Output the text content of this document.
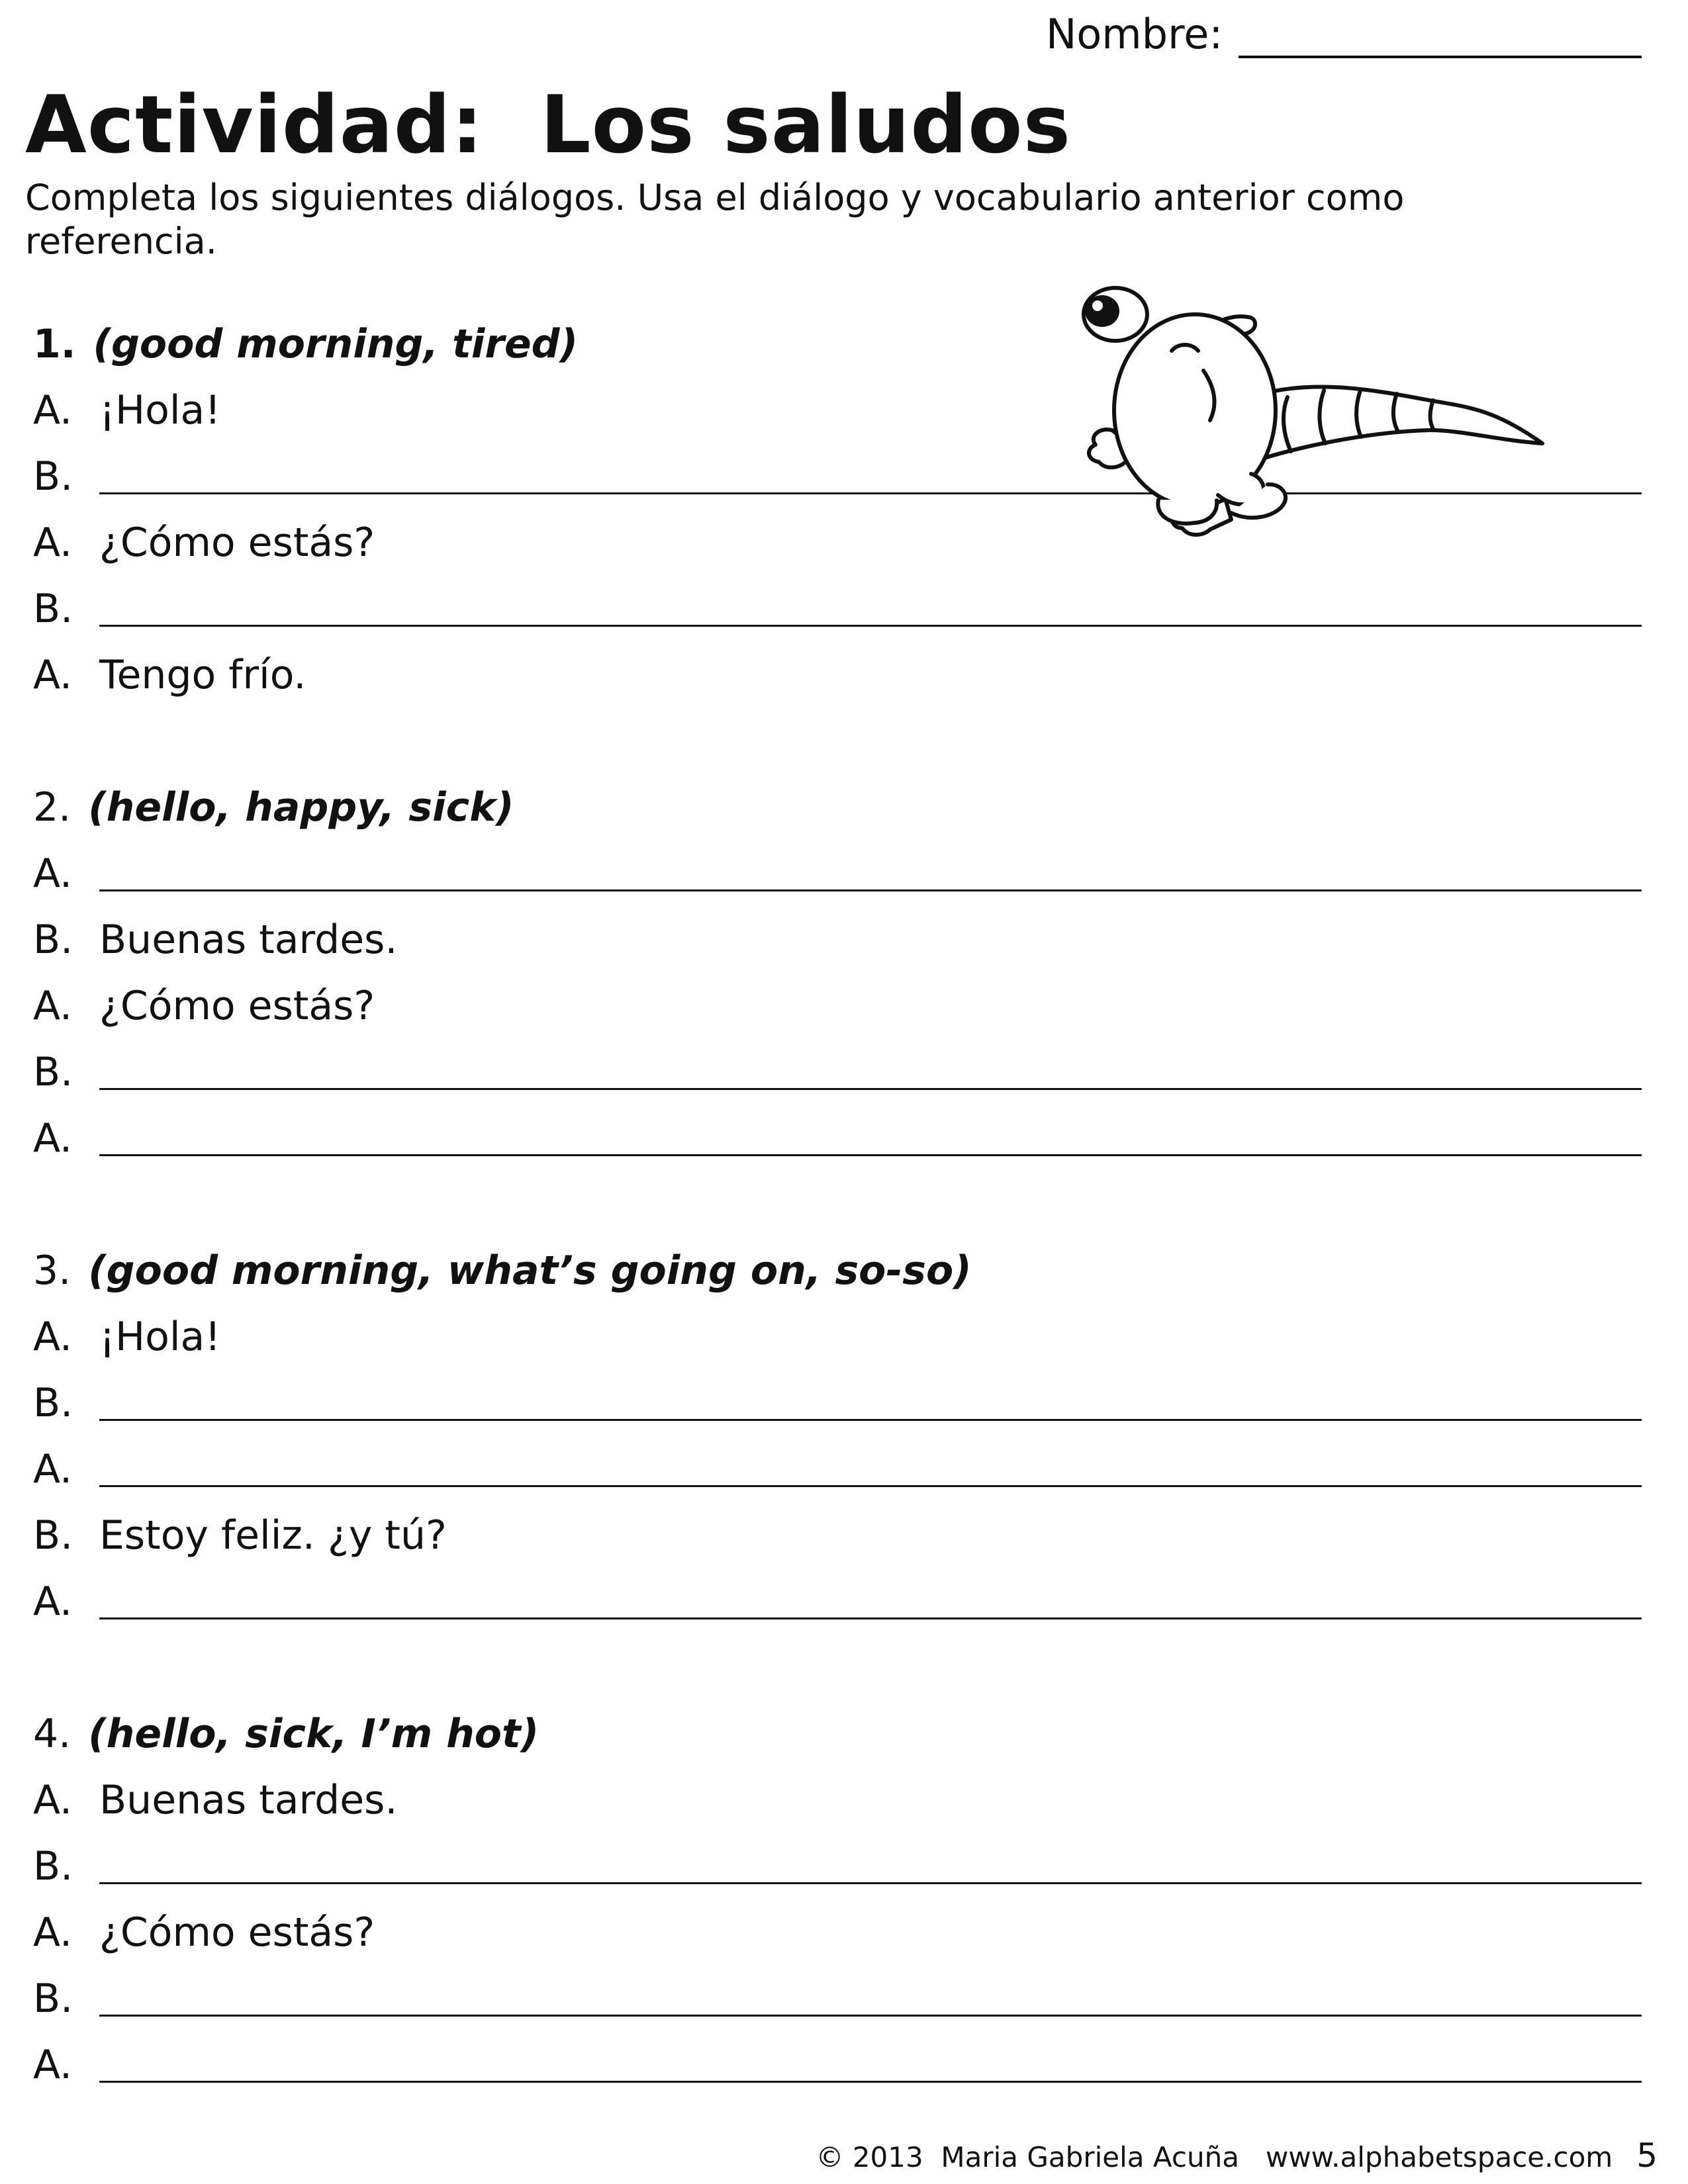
Nombre:
Actividad:  Los saludos

Completa los siguientes diálogos. Usa el diálogo y vocabulario anterior como referencia.

1. (good morning, tired)
A. ¡Hola!
B.
A. ¿Cómo estás?
B.
A. Tengo frío.
2. (hello, happy, sick)
A.
B. Buenas tardes.
A. ¿Cómo estás?
B.
A.
3. (good morning, what’s going on, so-so)
A. ¡Hola!
B.
A.
B. Estoy feliz. ¿y tú?
A.
4. (hello, sick, I’m hot)
A. Buenas tardes.
B.
A. ¿Cómo estás?
B.
A.
© 2013  Maria Gabriela Acuña   www.alphabetspace.com 5
